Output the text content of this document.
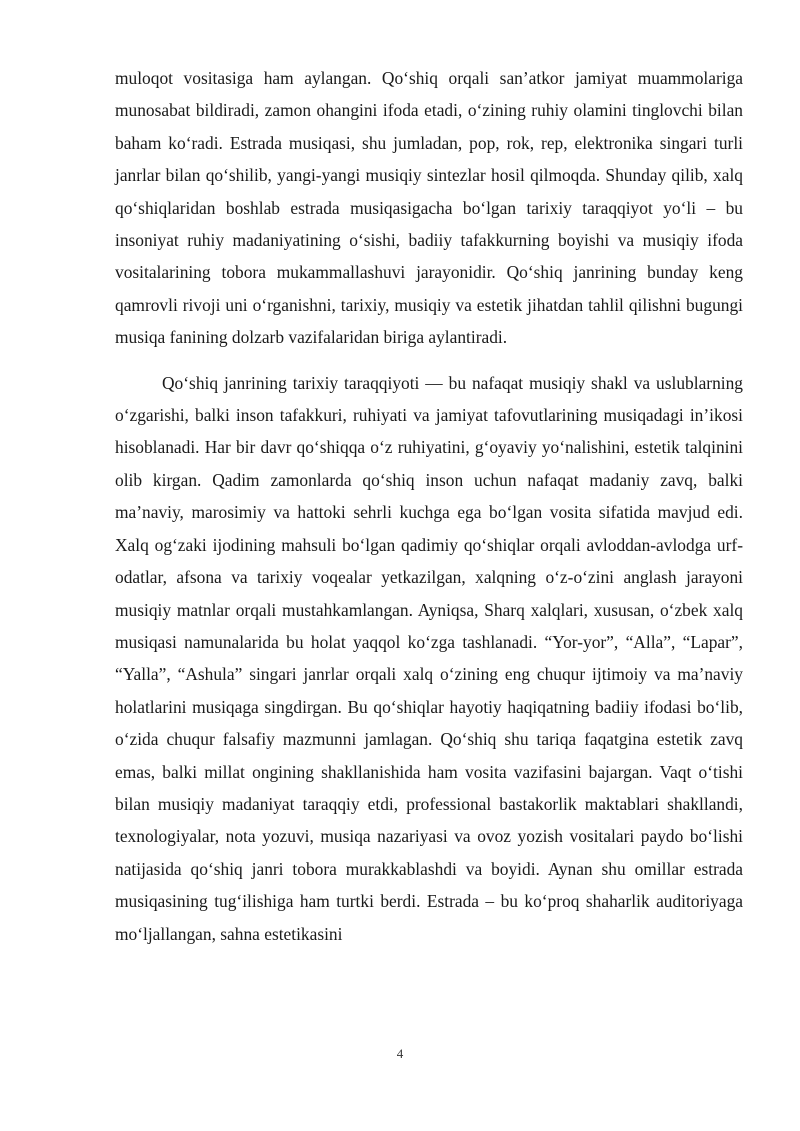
muloqot vositasiga ham aylangan. Qo‘shiq orqali san’atkor jamiyat muammolariga munosabat bildiradi, zamon ohangini ifoda etadi, o‘zining ruhiy olamini tinglovchi bilan baham ko‘radi. Estrada musiqasi, shu jumladan, pop, rok, rep, elektronika singari turli janrlar bilan qo‘shilib, yangi-yangi musiqiy sintezlar hosil qilmoqda. Shunday qilib, xalq qo‘shiqlaridan boshlab estrada musiqasigacha bo‘lgan tarixiy taraqqiyot yo‘li – bu insoniyat ruhiy madaniyatining o‘sishi, badiiy tafakkurning boyishi va musiqiy ifoda vositalarining tobora mukammallashuvi jarayonidir. Qo‘shiq janrining bunday keng qamrovli rivoji uni o‘rganishni, tarixiy, musiqiy va estetik jihatdan tahlil qilishni bugungi musiqa fanining dolzarb vazifalaridan biriga aylantiradi.

Qo‘shiq janrining tarixiy taraqqiyoti — bu nafaqat musiqiy shakl va uslublarning o‘zgarishi, balki inson tafakkuri, ruhiyati va jamiyat tafovutlarining musiqadagi in’ikosi hisoblanadi. Har bir davr qo‘shiqqa o‘z ruhiyatini, g‘oyaviy yo‘nalishini, estetik talqinini olib kirgan. Qadim zamonlarda qo‘shiq inson uchun nafaqat madaniy zavq, balki ma’naviy, marosimiy va hattoki sehrli kuchga ega bo‘lgan vosita sifatida mavjud edi. Xalq og‘zaki ijodining mahsuli bo‘lgan qadimiy qo‘shiqlar orqali avloddan-avlodga urf-odatlar, afsona va tarixiy voqealar yetkazilgan, xalqning o‘z-o‘zini anglash jarayoni musiqiy matnlar orqali mustahkamlangan. Ayniqsa, Sharq xalqlari, xususan, o‘zbek xalq musiqasi namunalarida bu holat yaqqol ko‘zga tashlanadi. “Yor-yor”, “Alla”, “Lapar”, “Yalla”, “Ashula” singari janrlar orqali xalq o‘zining eng chuqur ijtimoiy va ma’naviy holatlarini musiqaga singdirgan. Bu qo‘shiqlar hayotiy haqiqatning badiiy ifodasi bo‘lib, o‘zida chuqur falsafiy mazmunni jamlagan. Qo‘shiq shu tariqa faqatgina estetik zavq emas, balki millat ongining shakllanishida ham vosita vazifasini bajargan. Vaqt o‘tishi bilan musiqiy madaniyat taraqqiy etdi, professional bastakorlik maktablari shakllandi, texnologiyalar, nota yozuvi, musiqa nazariyasi va ovoz yozish vositalari paydo bo‘lishi natijasida qo‘shiq janri tobora murakkablashdi va boyidi. Aynan shu omillar estrada musiqasining tug‘ilishiga ham turtki berdi. Estrada – bu ko‘proq shaharlik auditoriyaga mo‘ljallangan, sahna estetikasini

4
